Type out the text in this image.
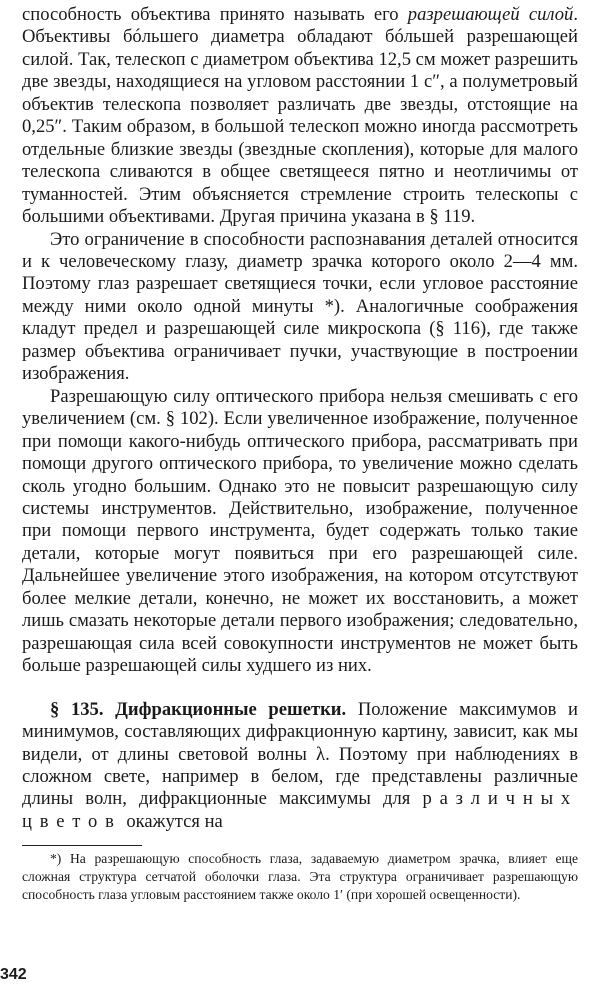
способность объектива принято называть его разрешающей силой. Объективы бóльшего диаметра обладают бóльшей разрешающей силой. Так, телескоп с диаметром объектива 12,5 см может разрешить две звезды, находящиеся на угловом расстоянии 1 с″, а полуметровый объектив телескопа позволяет различать две звезды, отстоящие на 0,25″. Таким образом, в большой телескоп можно иногда рассмотреть отдельные близкие звезды (звездные скопления), которые для малого телескопа сливаются в общее светящееся пятно и неотличимы от туманностей. Этим объясняется стремление строить телескопы с большими объективами. Другая причина указана в § 119.

Это ограничение в способности распознавания деталей относится и к человеческому глазу, диаметр зрачка которого около 2—4 мм. Поэтому глаз разрешает светящиеся точки, если угловое расстояние между ними около одной минуты *). Аналогичные соображения кладут предел и разрешающей силе микроскопа (§ 116), где также размер объектива ограничивает пучки, участвующие в построении изображения.

Разрешающую силу оптического прибора нельзя смешивать с его увеличением (см. § 102). Если увеличенное изображение, полученное при помощи какого-нибудь оптического прибора, рассматривать при помощи другого оптического прибора, то увеличение можно сделать сколь угодно большим. Однако это не повысит разрешающую силу системы инструментов. Действительно, изображение, полученное при помощи первого инструмента, будет содержать только такие детали, которые могут появиться при его разрешающей силе. Дальнейшее увеличение этого изображения, на котором отсутствуют более мелкие детали, конечно, не может их восстановить, а может лишь смазать некоторые детали первого изображения; следовательно, разрешающая сила всей совокупности инструментов не может быть больше разрешающей силы худшего из них.

§ 135. Дифракционные решетки. Положение максимумов и минимумов, составляющих дифракционную картину, зависит, как мы видели, от длины световой волны λ. Поэтому при наблюдениях в сложном свете, например в белом, где представлены различные длины волн, дифракционные максимумы для различных цветов окажутся на

*) На разрешающую способность глаза, задаваемую диаметром зрачка, влияет еще сложная структура сетчатой оболочки глаза. Эта структура ограничивает разрешающую способность глаза угловым расстоянием также около 1′ (при хорошей освещенности).

342
